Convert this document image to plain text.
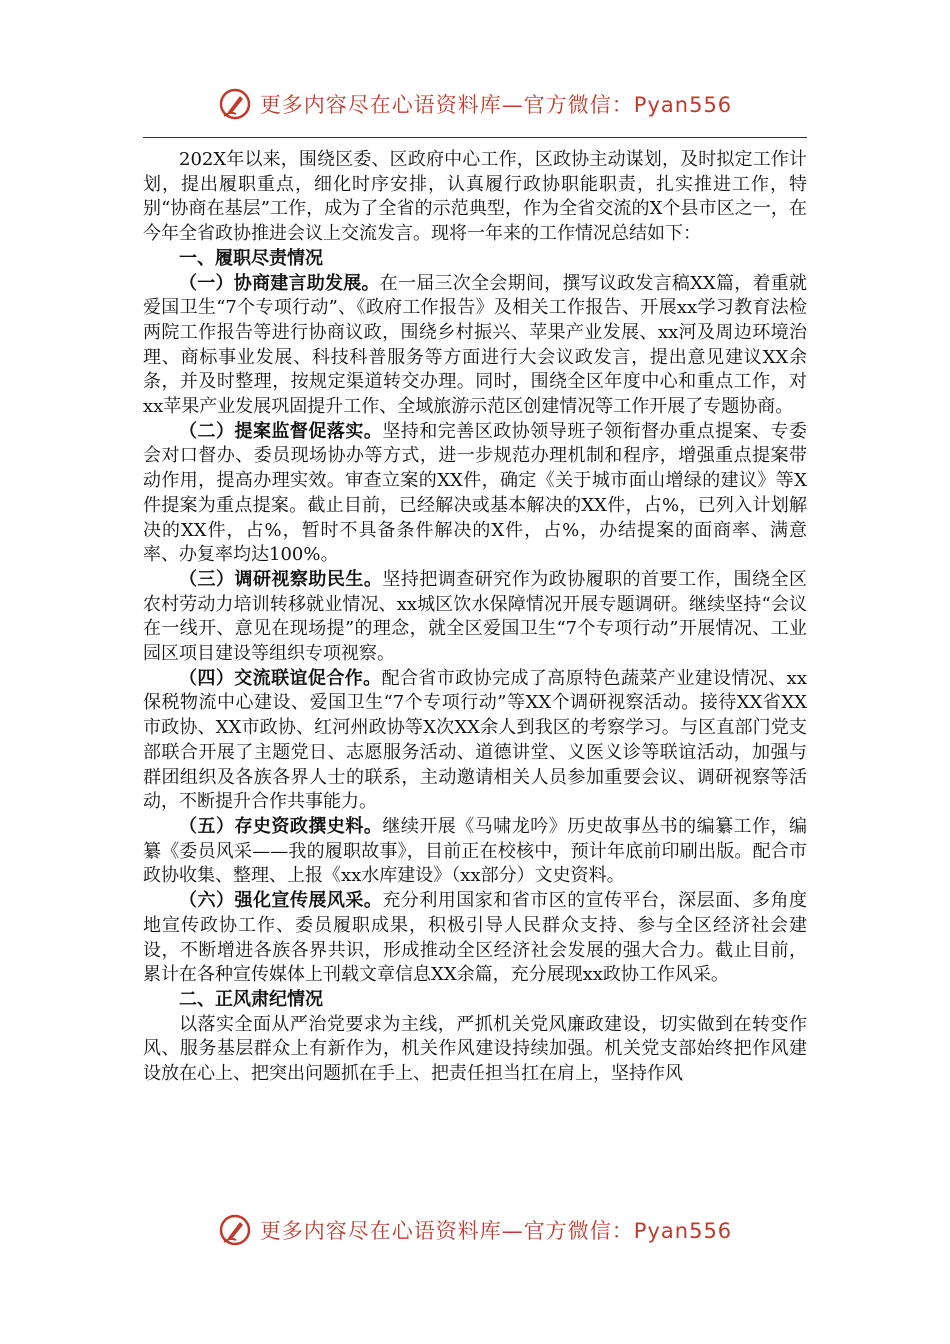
更多内容尽在心语资料库—官方微信：Pyan556

202X年以来，围绕区委、区政府中心工作，区政协主动谋划，及时拟定工作计划，提出履职重点，细化时序安排，认真履行政协职能职责，扎实推进工作，特别“协商在基层”工作，成为了全省的示范典型，作为全省交流的X个县市区之一，在今年全省政协推进会议上交流发言。现将一年来的工作情况总结如下：

一、履职尽责情况

（一）协商建言助发展。在一届三次全会期间，撰写议政发言稿XX篇，着重就爱国卫生“7个专项行动”、《政府工作报告》及相关工作报告、开展xx学习教育法检两院工作报告等进行协商议政，围绕乡村振兴、苹果产业发展、xx河及周边环境治理、商标事业发展、科技科普服务等方面进行大会议政发言，提出意见建议XX余条，并及时整理，按规定渠道转交办理。同时，围绕全区年度中心和重点工作，对xx苹果产业发展巩固提升工作、全域旅游示范区创建情况等工作开展了专题协商。

（二）提案监督促落实。坚持和完善区政协领导班子领衔督办重点提案、专委会对口督办、委员现场协办等方式，进一步规范办理机制和程序，增强重点提案带动作用，提高办理实效。审查立案的XX件，确定《关于城市面山增绿的建议》等X件提案为重点提案。截止目前，已经解决或基本解决的XX件，占%，已列入计划解决的XX件，占%，暂时不具备条件解决的X件，占%，办结提案的面商率、满意率、办复率均达100%。

（三）调研视察助民生。坚持把调查研究作为政协履职的首要工作，围绕全区农村劳动力培训转移就业情况、xx城区饮水保障情况开展专题调研。继续坚持“会议在一线开、意见在现场提”的理念，就全区爱国卫生“7个专项行动”开展情况、工业园区项目建设等组织专项视察。

（四）交流联谊促合作。配合省市政协完成了高原特色蔬菜产业建设情况、xx保税物流中心建设、爱国卫生“7个专项行动”等XX个调研视察活动。接待XX省XX市政协、XX市政协、红河州政协等X次XX余人到我区的考察学习。与区直部门党支部联合开展了主题党日、志愿服务活动、道德讲堂、义医义诊等联谊活动，加强与群团组织及各族各界人士的联系，主动邀请相关人员参加重要会议、调研视察等活动，不断提升合作共事能力。

（五）存史资政撰史料。继续开展《马啸龙吟》历史故事丛书的编纂工作，编纂《委员风采——我的履职故事》，目前正在校核中，预计年底前印刷出版。配合市政协收集、整理、上报《xx水库建设》（xx部分）文史资料。

（六）强化宣传展风采。充分利用国家和省市区的宣传平台，深层面、多角度地宣传政协工作、委员履职成果，积极引导人民群众支持、参与全区经济社会建设，不断增进各族各界共识，形成推动全区经济社会发展的强大合力。截止目前，累计在各种宣传媒体上刊载文章信息XX余篇，充分展现xx政协工作风采。

二、正风肃纪情况

以落实全面从严治党要求为主线，严抓机关党风廉政建设，切实做到在转变作风、服务基层群众上有新作为，机关作风建设持续加强。机关党支部始终把作风建设放在心上、把突出问题抓在手上、把责任担当扛在肩上，坚持作风

更多内容尽在心语资料库—官方微信：Pyan556
